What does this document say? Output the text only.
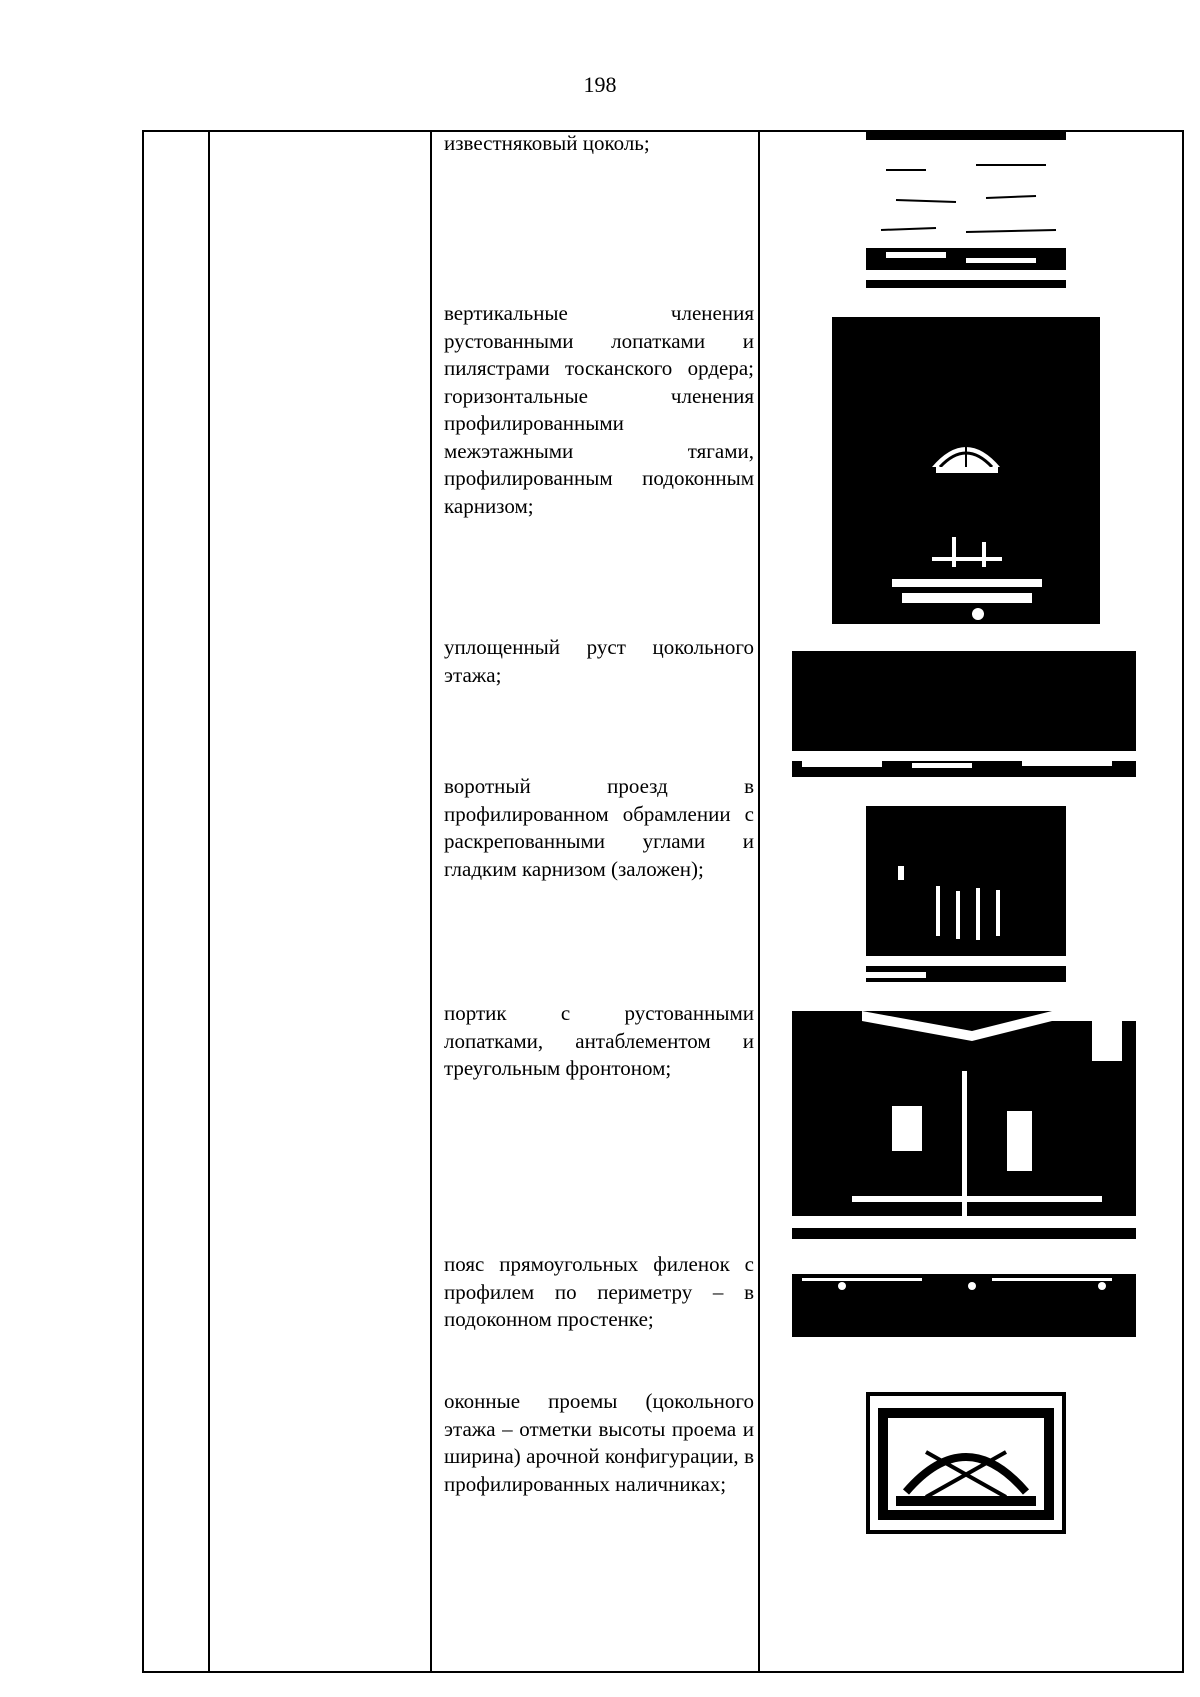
198
известняковый цоколь;
вертикальные членения рустованными лопатками и пилястрами тосканского ордера; горизонтальные членения профилированными межэтажными тягами, профилированным подоконным карнизом;
уплощенный руст цокольного этажа;
воротный проезд в профилированном обрамлении с раскрепованными углами и гладким карнизом (заложен);
портик с рустованными лопатками, антаблементом и треугольным фронтоном;
пояс прямоугольных филенок с профилем по периметру – в подоконном простенке;
оконные проемы (цокольного этажа – отметки высоты проема и ширина) арочной конфигурации, в профилированных наличниках;
